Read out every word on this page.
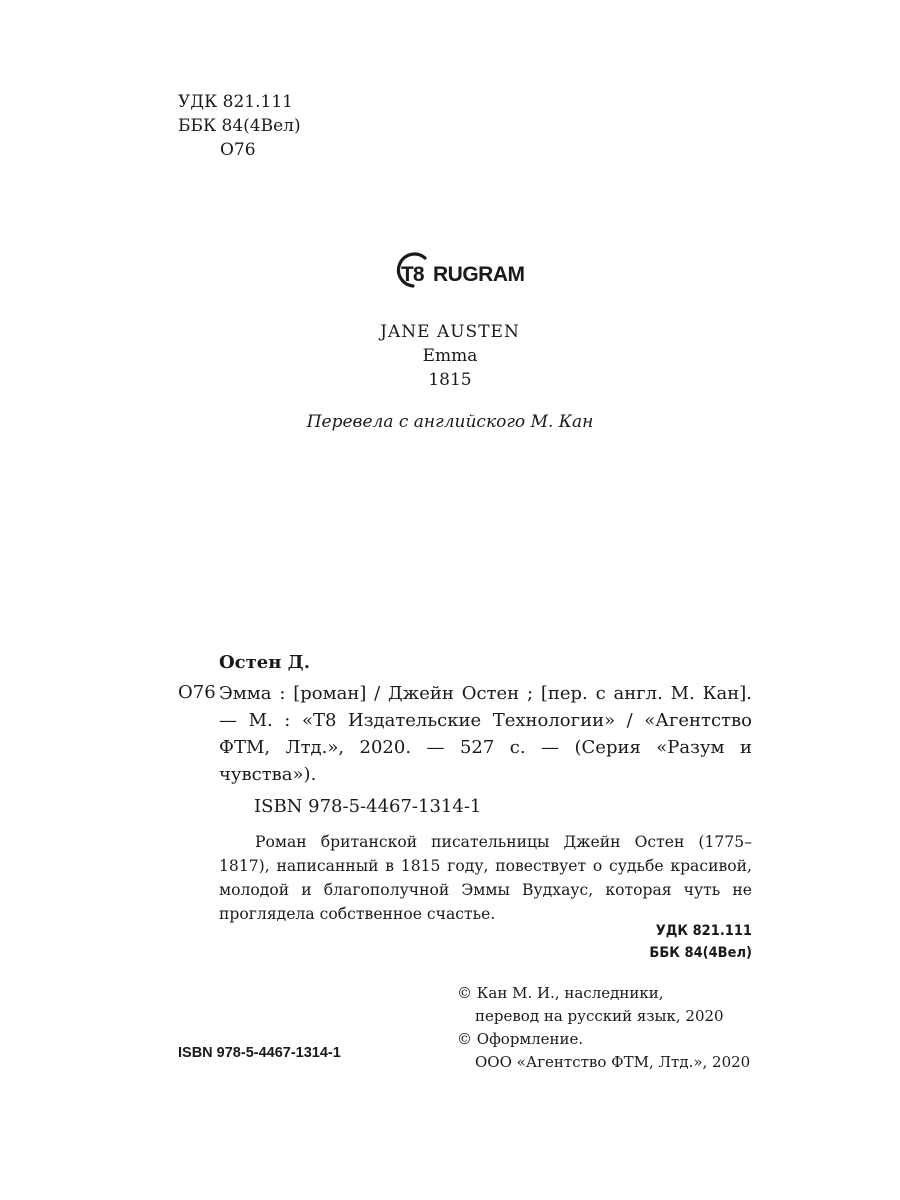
УДК 821.111
ББК 84(4Вел)
О76
T8 RUGRAM
JANE AUSTEN
Emma
1815
Перевела с английского М. Кан
Остен Д.
О76 Эмма : [роман] / Джейн Остен ; [пер. с англ. М. Кан]. — М. : «Т8 Издательские Технологии» / «Агентство ФТМ, Лтд.», 2020. — 527 с. — (Серия «Разум и чувства»).
ISBN 978-5-4467-1314-1
Роман британской писательницы Джейн Остен (1775–1817), написанный в 1815 году, повествует о судьбе красивой, молодой и благополучной Эммы Вудхаус, которая чуть не проглядела собственное счастье.
УДК 821.111
ББК 84(4Вел)
© Кан М. И., наследники,
перевод на русский язык, 2020
© Оформление.
ООО «Агентство ФТМ, Лтд.», 2020
ISBN 978-5-4467-1314-1
